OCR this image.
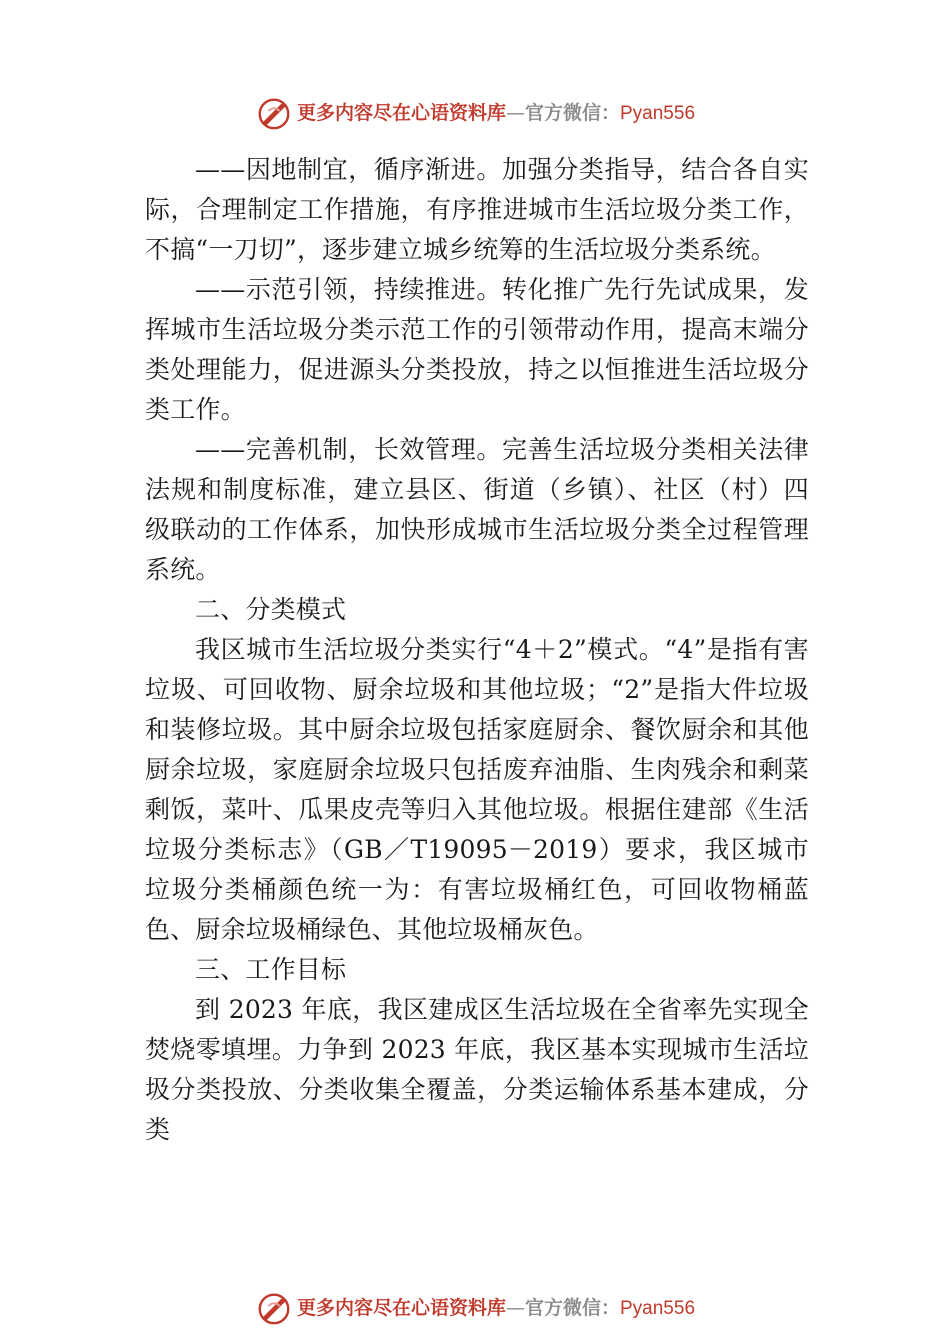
更多内容尽在心语资料库—官方微信：Pyan556

——因地制宜，循序渐进。加强分类指导，结合各自实际，合理制定工作措施，有序推进城市生活垃圾分类工作，不搞“一刀切”，逐步建立城乡统筹的生活垃圾分类系统。

——示范引领，持续推进。转化推广先行先试成果，发挥城市生活垃圾分类示范工作的引领带动作用，提高末端分类处理能力，促进源头分类投放，持之以恒推进生活垃圾分类工作。

——完善机制，长效管理。完善生活垃圾分类相关法律法规和制度标准，建立县区、街道（乡镇）、社区（村）四级联动的工作体系，加快形成城市生活垃圾分类全过程管理系统。

二、分类模式

我区城市生活垃圾分类实行“4＋2”模式。“4”是指有害垃圾、可回收物、厨余垃圾和其他垃圾；“2”是指大件垃圾和装修垃圾。其中厨余垃圾包括家庭厨余、餐饮厨余和其他厨余垃圾，家庭厨余垃圾只包括废弃油脂、生肉残余和剩菜剩饭，菜叶、瓜果皮壳等归入其他垃圾。根据住建部《生活垃圾分类标志》（GB／T19095－2019）要求，我区城市垃圾分类桶颜色统一为：有害垃圾桶红色，可回收物桶蓝色、厨余垃圾桶绿色、其他垃圾桶灰色。

三、工作目标

到 2023 年底，我区建成区生活垃圾在全省率先实现全焚烧零填埋。力争到 2023 年底，我区基本实现城市生活垃圾分类投放、分类收集全覆盖，分类运输体系基本建成，分类

更多内容尽在心语资料库—官方微信：Pyan556
